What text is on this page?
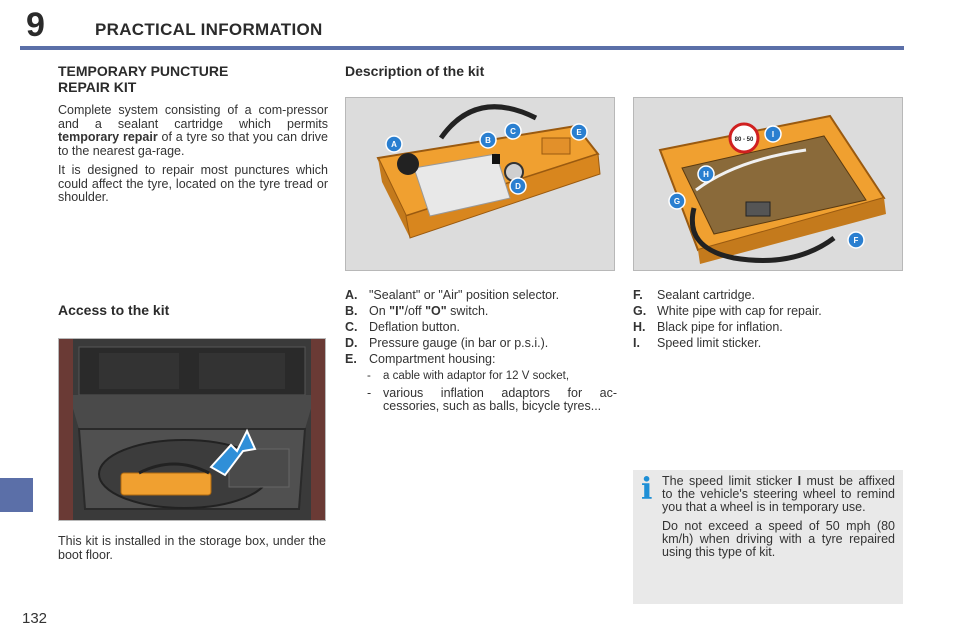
9	PRACTICAL INFORMATION
132
TEMPORARY PUNCTURE
REPAIR KIT

Complete system consisting of a com-pressor and a sealant cartridge which permits temporary repair of a tyre so that you can drive to the nearest ga-rage.

It is designed to repair most punctures which could affect the tyre, located on the tyre tread or shoulder.

Access to the kit

This kit is installed in the storage box, under the boot floor.

Description of the kit
A	B
C
D
E
80 - 50
I
H
G
F
A. "Sealant" or "Air" position selector.
B. On "I"/off "O" switch.
C. Deflation button.
D. Pressure gauge (in bar or p.s.i.).
E. Compartment housing:
-	a cable with adaptor for 12 V socket,
- various inflation adaptors for ac-cessories, such as balls, bicycle tyres...
F.	Sealant cartridge.
G. White pipe with cap for repair.
H. Black pipe for inflation.
I.	Speed limit sticker.
i The speed limit sticker I must be affixed to the vehicle's steering wheel to remind you that a wheel is in temporary use.

Do not exceed a speed of 50 mph (80 km/h) when driving with a tyre repaired using this type of kit.
